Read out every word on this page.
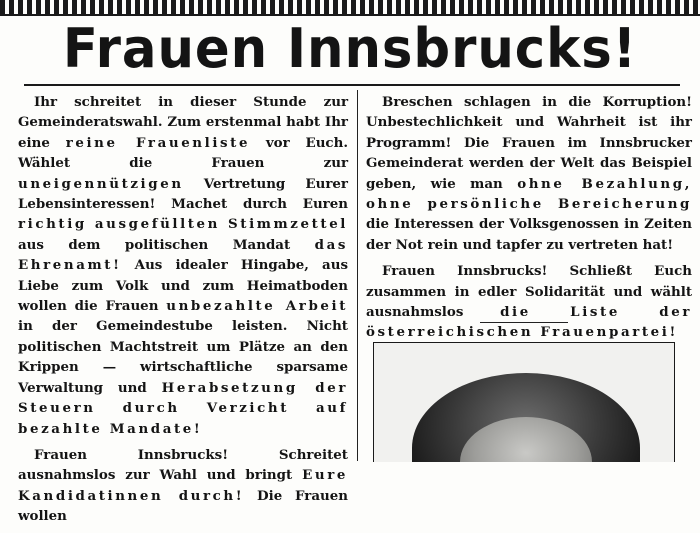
Frauen Innsbrucks!

Ihr schreitet in dieser Stunde zur Gemeinderatswahl. Zum erstenmal habt Ihr eine reine Frauenliste vor Euch. Wählet die Frauen zur uneigennützigen Vertretung Eurer Lebensinteressen! Machet durch Euren richtig ausgefüllten Stimmzettel aus dem politischen Mandat das Ehrenamt! Aus idealer Hingabe, aus Liebe zum Volk und zum Heimatboden wollen die Frauen unbezahlte Arbeit in der Gemeindestube leisten. Nicht politischen Machtstreit um Plätze an den Krippen — wirtschaftliche sparsame Verwaltung und Herabsetzung der Steuern durch Verzicht auf bezahlte Mandate!

Frauen Innsbrucks! Schreitet ausnahmslos zur Wahl und bringt Eure Kandidatinnen durch! Die Frauen wollen

Breschen schlagen in die Korruption! Unbestechlichkeit und Wahrheit ist ihr Programm! Die Frauen im Innsbrucker Gemeinderat werden der Welt das Beispiel geben, wie man ohne Bezahlung, ohne persönliche Bereicherung die Interessen der Volksgenossen in Zeiten der Not rein und tapfer zu vertreten hat!

Frauen Innsbrucks! Schließt Euch zusammen in edler Solidarität und wählt ausnahmslos die Liste der österreichischen Frauenpartei!
